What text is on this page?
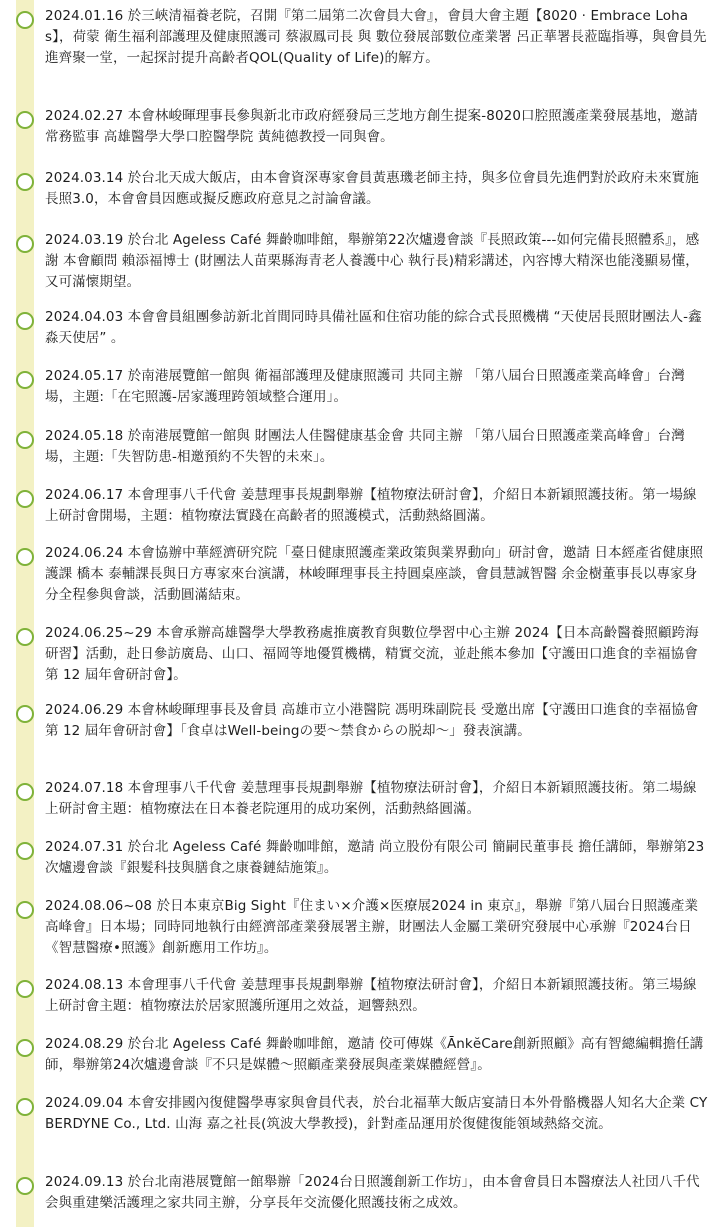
2024.01.16 於三峽清福養老院，召開『第二屆第二次會員大會』，會員大會主題【8020 · Embrace Lohas】，荷蒙 衛生福利部護理及健康照護司 蔡淑鳳司長 與 數位發展部數位產業署 呂正華署長蒞臨指導，與會員先進齊聚一堂，一起探討提升高齡者QOL(Quality of Life)的解方。
2024.02.27 本會林峻暉理事長參與新北市政府經發局三芝地方創生提案-8020口腔照護產業發展基地，邀請常務監事 高雄醫學大學口腔醫學院 黃純德教授一同與會。
2024.03.14 於台北天成大飯店，由本會資深專家會員黃惠璣老師主持，與多位會員先進們對於政府未來實施長照3.0，本會會員因應或擬反應政府意見之討論會議。
2024.03.19 於台北 Ageless Café 舞齡咖啡館，舉辦第22次爐邊會談『長照政策---如何完備長照體系』，感謝 本會顧問 賴添福博士 (財團法人苗栗縣海青老人養護中心 執行長)精彩講述，內容博大精深也能淺顯易懂，又可滿懷期望。
2024.04.03 本會會員組團參訪新北首間同時具備社區和住宿功能的綜合式長照機構 “天使居長照財團法人-鑫淼天使居” 。
2024.05.17 於南港展覽館一館與 衛福部護理及健康照護司 共同主辦 「第八屆台日照護產業高峰會」台灣場，主題:「在宅照護-居家護理跨領域整合運用」。
2024.05.18 於南港展覽館一館與 財團法人佳醫健康基金會 共同主辦 「第八屆台日照護產業高峰會」台灣場，主題:「失智防患-相邀預約不失智的未來」。
2024.06.17 本會理事八千代會 姜慧理事長規劃舉辦【植物療法研討會】，介紹日本新穎照護技術。第一場線上研討會開場，主題：植物療法實踐在高齡者的照護模式，活動熱絡圓滿。
2024.06.24 本會協辦中華經濟研究院「臺日健康照護產業政策與業界動向」研討會，邀請 日本經產省健康照護課 橋本 泰輔課長與日方專家來台演講，林峻暉理事長主持圓桌座談，會員慧誠智醫 余金樹董事長以專家身分全程參與會談，活動圓滿結束。
2024.06.25~29 本會承辦高雄醫學大學教務處推廣教育與數位學習中心主辦 2024【日本高齡醫養照顧跨海研習】活動，赴日參訪廣島、山口、福岡等地優質機構，精實交流，並赴熊本參加【守護田口進食的幸福協會 第 12 屆年會研討會】。
2024.06.29 本會林峻暉理事長及會員 高雄市立小港醫院 馮明珠副院長 受邀出席【守護田口進食的幸福協會 第 12 屆年會研討會】「食卓はWell-beingの要～禁食からの脱却～」發表演講。
2024.07.18 本會理事八千代會 姜慧理事長規劃舉辦【植物療法研討會】，介紹日本新穎照護技術。第二場線上研討會主題：植物療法在日本養老院運用的成功案例，活動熱絡圓滿。
2024.07.31 於台北 Ageless Café 舞齡咖啡館，邀請 尚立股份有限公司 簡嗣民董事長 擔任講師，舉辦第23次爐邊會談『銀髮科技與膳食之康養鏈結施策』。
2024.08.06~08 於日本東京Big Sight『住まい×介護×医療展2024 in 東京』，舉辦『第八屆台日照護產業高峰會』日本場；同時同地執行由經濟部產業發展署主辦，財團法人金屬工業研究發展中心承辦『2024台日《智慧醫療•照護》創新應用工作坊』。
2024.08.13 本會理事八千代會 姜慧理事長規劃舉辦【植物療法研討會】，介紹日本新穎照護技術。第三場線上研討會主題：植物療法於居家照護所運用之效益，迴響熱烈。
2024.08.29 於台北 Ageless Café 舞齡咖啡館，邀請 佼可傳媒《ĀnkĕCare創新照顧》高有智總編輯擔任講師，舉辦第24次爐邊會談『不只是媒體～照顧產業發展與產業媒體經營』。
2024.09.04 本會安排國內復健醫學專家與會員代表，於台北福華大飯店宴請日本外骨骼機器人知名大企業 CYBERDYNE Co., Ltd. 山海 嘉之社長(筑波大學教授)，針對產品運用於復健復能領域熱絡交流。
2024.09.13 於台北南港展覽館一館舉辦「2024台日照護創新工作坊」，由本會會員日本醫療法人社団八千代会與重建樂活護理之家共同主辦，分享長年交流優化照護技術之成效。
